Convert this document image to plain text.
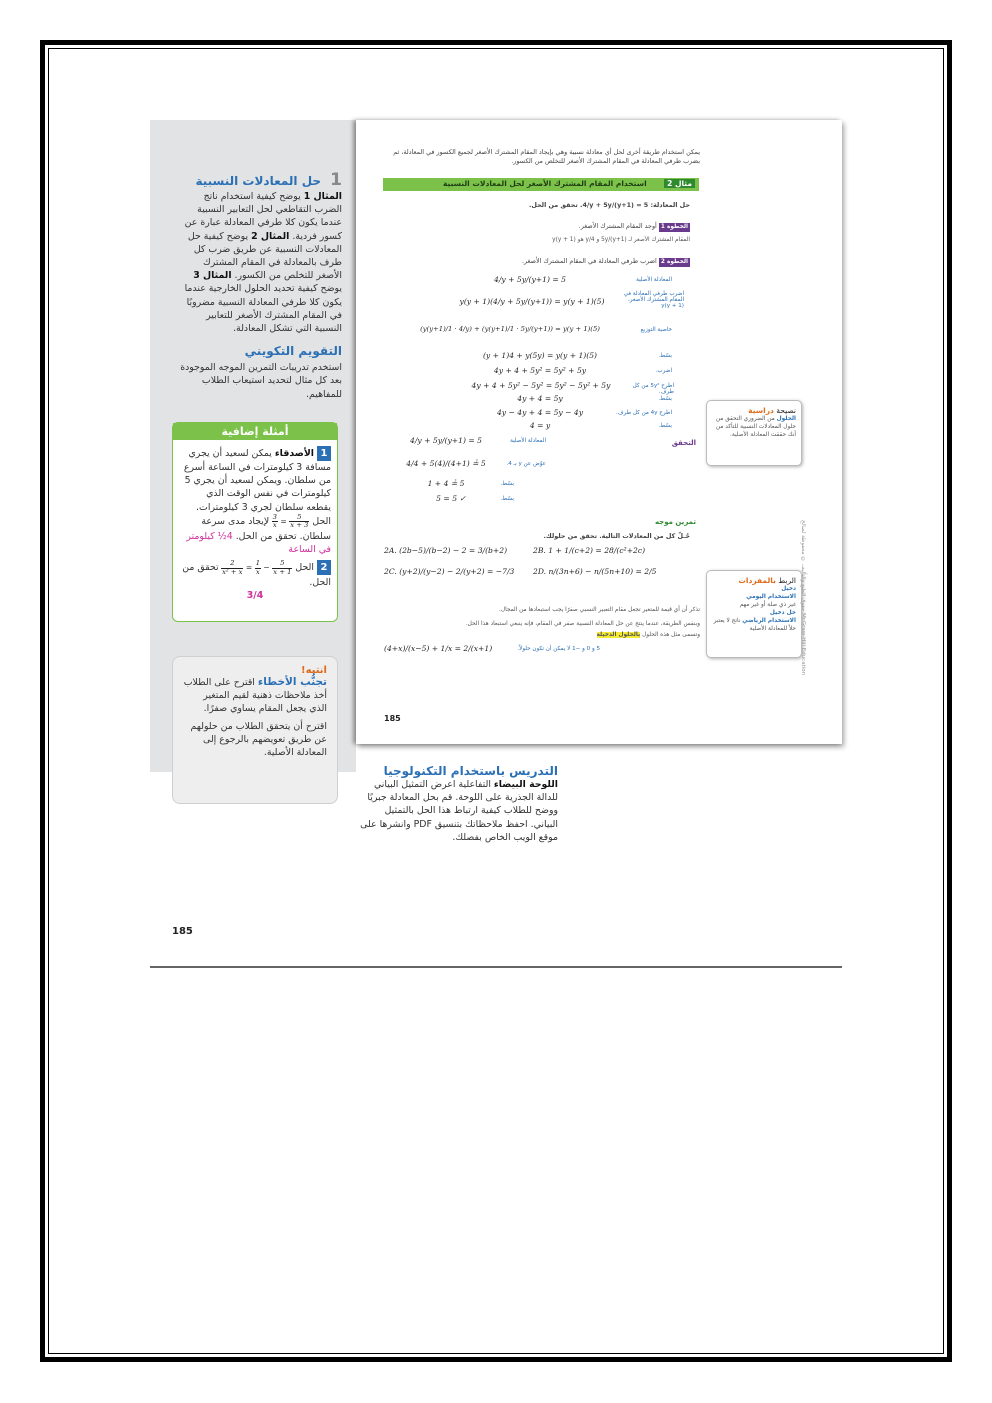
1 حل المعادلات النسبية
المثال 1 يوضح كيفية استخدام ناتج الضرب التقاطعي لحل التعابير النسبية عندما يكون كلا طرفي المعادلة عبارة عن كسور فردية. المثال 2 يوضح كيفية حل المعادلات النسبية عن طريق ضرب كل طرف بالمعادلة في المقام المشترك الأصغر للتخلص من الكسور. المثال 3 يوضح كيفية تحديد الحلول الخارجية عندما يكون كلا طرفي المعادلة النسبية مضروبًا في المقام المشترك الأصغر للتعابير النسبية التي تشكل المعادلة.
التقويم التكويني
استخدم تدريبات التمرين الموجه الموجودة بعد كل مثال لتحديد استيعاب الطلاب للمفاهيم.
أمثلة إضافية
1 الأصدقاء يمكن لسعيد أن يجري مسافة 3 كيلومترات في الساعة أسرع من سلطان. ويمكن لسعيد أن يجري 5 كيلومترات في نفس الوقت الذي يقطعه سلطان لجري 3 كيلومترات. الحل
$\frac{5}{x + 3}$
=
$\frac{3}{x}$
لإيجاد مدى سرعة سلطان. تحقق من الحل. 4½ كيلومتر في الساعة
2 الحل
$\frac{5}{x + 1}$
−
$\frac{1}{x}$
=
$\frac{2}{\text{x² + x}}$
تحقق من الحل.
3/4
انتبه!
تجنُّب الأخطاء اقترح على الطلاب أخذ ملاحظات ذهنية لقيم المتغير الذي يجعل المقام يساوي صفرًا.
اقترح أن يتحقق الطلاب من حلولهم عن طريق تعويضهم بالرجوع إلى المعادلة الأصلية.
يمكن استخدام طريقة أخرى لحل أي معادلة نسبية وهي بإيجاد المقام المشترك الأصغر لجميع الكسور في المعادلة، ثم بضرب طرفي المعادلة في المقام المشترك الأصغر للتخلص من الكسور.
مثال 2
استخدام المقام المشترك الأصغر لحل المعادلات النسبية
حل المعادلة: 5 = ‎4/y + 5y/(y+1)‎. تحقق من الحل.
الخطوة 1 أوجد المقام المشترك الأصغر.
المقام المشترك الأصغر لـ 5y/(y+1) و 4/y هو y(y + 1)
الخطوة 2 اضرب طرفي المعادلة في المقام المشترك الأصغر.
4/y + 5y/(y+1) = 5	المعادلة الأصلية
y(y + 1)(4/y + 5y/(y+1)) = y(y + 1)(5)
اضرب طرفي المعادلة في المقام المشترك الأصغر، y(y + 1)
(y(y+1)/1 · 4/y) + (y(y+1)/1 · 5y/(y+1)) = y(y + 1)(5)	خاصية التوزيع
(y + 1)4 + y(5y) = y(y + 1)(5)	بسّط.
4y + 4 + 5y² = 5y² + 5y	اضرب.
4y + 4 + 5y² − 5y² = 5y² − 5y² + 5y	اطرح 5y² من كل طرف.
4y + 4 = 5y	بسّط.
4y − 4y + 4 = 5y − 4y	اطرح 4y من كل طرف.
4 = y	بسّط.
التحقق
4/y + 5y/(y+1) = 5	المعادلة الأصلية
4/4 + 5(4)/(4+1) ≟ 5	عوّض عن y بـ 4.
1 + 4 ≟ 5	بسّط.
5 = 5 ✓	بسّط.
تمرين موجه
حُـلّ كل من المعادلات التالية. تحقق من حلولك.
2A. (2b−5)/(b−2) − 2 = 3/(b+2)	2B. 1 + 1/(c+2) = 28/(c²+2c)
2C. (y+2)/(y−2) − 2/(y+2) = −7/3	2D. n/(3n+6) − n/(5n+10) = 2/5
تذكر أن أي قيمة للمتغير تجعل مقام التعبير النسبي صفرًا يجب استبعادها من المجال.
وبنفس الطريقة، عندما ينتج عن حل المعادلة النسبية صفر في المقام، فإنه ينبغي استبعاد هذا الحل.
وتسمى مثل هذه الحلول بالحلول الدخيلة
(4+x)/(x−5) + 1/x = 2/(x+1)	5 و 0 و −1 لا يمكن أن تكون حلولاً.
185
نصيحة دراسية
الحلول من الضروري التحقق من حلول المعادلات النسبية للتأكد من أنك حققت المعادلة الأصلية.
الربط بالمفردات
دخيل
الاستخدام اليومي
غير ذي صلة أو غير مهم
حل دخيل
الاستخدام الرياضي ناتج لا يعتبر حلاً للمعادلة الأصلية
حقوق الطبع والتأليف © محفوظة لصالح McGraw-Hill Education
التدريس باستخدام التكنولوجيا
اللوحة البيضاء التفاعلية اعرض التمثيل البياني للدالة الجذرية على اللوحة. قم بحل المعادلة جبريًا ووضح للطلاب كيفية ارتباط هذا الحل بالتمثيل البياني. احفظ ملاحظاتك بتنسيق PDF وانشرها على موقع الويب الخاص بفصلك.
185
